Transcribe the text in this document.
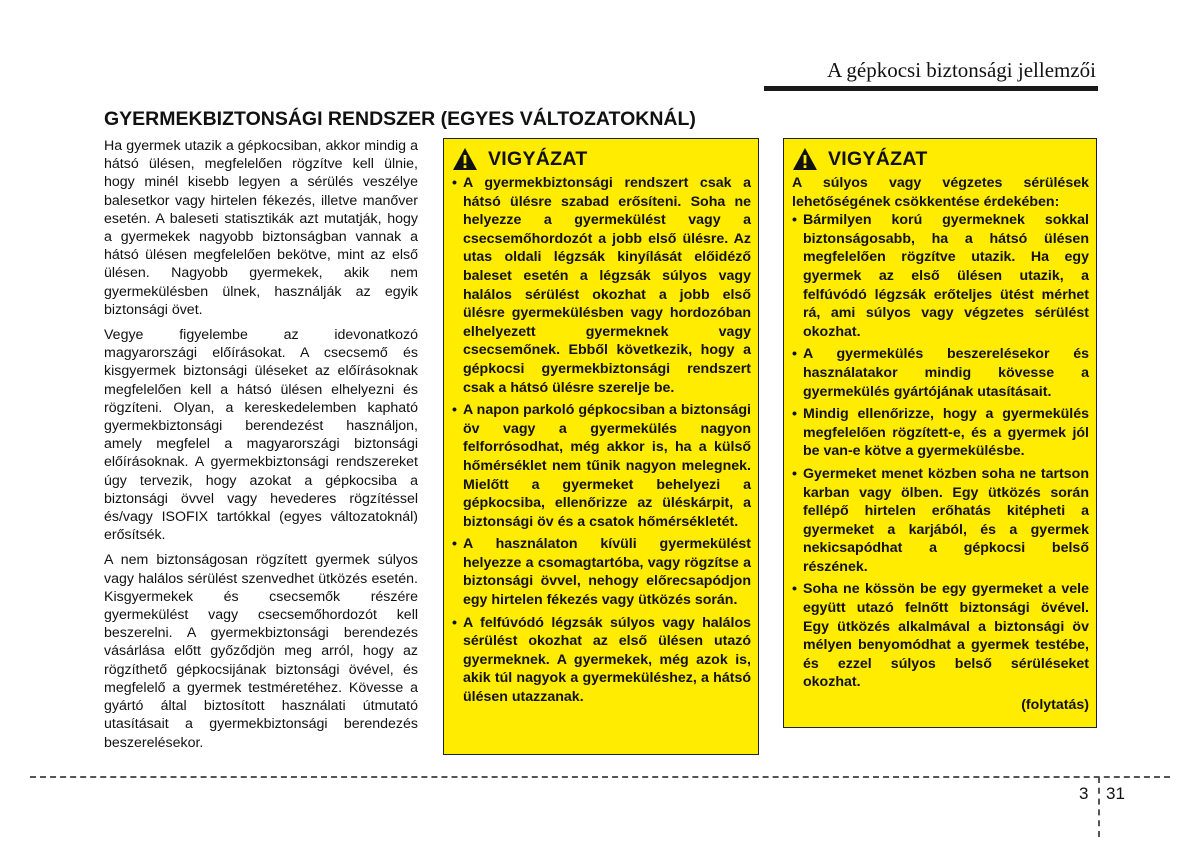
A gépkocsi biztonsági jellemzői
GYERMEKBIZTONSÁGI RENDSZER (EGYES VÁLTOZATOKNÁL)

Ha gyermek utazik a gépkocsiban, akkor mindig a hátsó ülésen, megfelelően rögzítve kell ülnie, hogy minél kisebb legyen a sérülés veszélye balesetkor vagy hirtelen fékezés, illetve manőver esetén. A baleseti statisztikák azt mutatják, hogy a gyermekek nagyobb biztonságban vannak a hátsó ülésen megfelelően bekötve, mint az első ülésen. Nagyobb gyermekek, akik nem gyermekülésben ülnek, használják az egyik biztonsági övet.

Vegye figyelembe az idevonatkozó magyarországi előírásokat. A csecsemő és kisgyermek biztonsági üléseket az előírásoknak megfelelően kell a hátsó ülésen elhelyezni és rögzíteni. Olyan, a kereskedelemben kapható gyermekbiztonsági berendezést használjon, amely megfelel a magyarországi biztonsági előírásoknak. A gyermekbiztonsági rendszereket úgy tervezik, hogy azokat a gépkocsiba a biztonsági övvel vagy hevederes rögzítéssel és/vagy ISOFIX tartókkal (egyes változatoknál) erősítsék.

A nem biztonságosan rögzített gyermek súlyos vagy halálos sérülést szenvedhet ütközés esetén. Kisgyermekek és csecsemők részére gyermekülést vagy csecsemőhordozót kell beszerelni. A gyermekbiztonsági berendezés vásárlása előtt győződjön meg arról, hogy az rögzíthető gépkocsijának biztonsági övével, és megfelelő a gyermek testméretéhez. Kövesse a gyártó által biztosított használati útmutató utasításait a gyermekbiztonsági berendezés beszerelésekor.

VIGYÁZAT
• A gyermekbiztonsági rendszert csak a hátsó ülésre szabad erősíteni. Soha ne helyezze a gyermekülést vagy a csecsemőhordozót a jobb első ülésre. Az utas oldali légzsák kinyílását előidéző baleset esetén a légzsák súlyos vagy halálos sérülést okozhat a jobb első ülésre gyermekülésben vagy hordozóban elhelyezett gyermeknek vagy csecsemőnek. Ebből következik, hogy a gépkocsi gyermekbiztonsági rendszert csak a hátsó ülésre szerelje be.
• A napon parkoló gépkocsiban a biztonsági öv vagy a gyermekülés nagyon felforrósodhat, még akkor is, ha a külső hőmérséklet nem tűnik nagyon melegnek. Mielőtt a gyermeket behelyezi a gépkocsiba, ellenőrizze az üléskárpit, a biztonsági öv és a csatok hőmérsékletét.
• A használaton kívüli gyermekülést helyezze a csomagtartóba, vagy rögzítse a biztonsági övvel, nehogy előrecsapódjon egy hirtelen fékezés vagy ütközés során.
• A felfúvódó légzsák súlyos vagy halálos sérülést okozhat az első ülésen utazó gyermeknek. A gyermekek, még azok is, akik túl nagyok a gyermeküléshez, a hátsó ülésen utazzanak.
VIGYÁZAT
A súlyos vagy végzetes sérülések lehetőségének csökkentése érdekében:
• Bármilyen korú gyermeknek sokkal biztonságosabb, ha a hátsó ülésen megfelelően rögzítve utazik. Ha egy gyermek az első ülésen utazik, a felfúvódó légzsák erőteljes ütést mérhet rá, ami súlyos vagy végzetes sérülést okozhat.
• A gyermekülés beszerelésekor és használatakor mindig kövesse a gyermekülés gyártójának utasításait.
• Mindig ellenőrizze, hogy a gyermekülés megfelelően rögzített-e, és a gyermek jól be van-e kötve a gyermekülésbe.
• Gyermeket menet közben soha ne tartson karban vagy ölben. Egy ütközés során fellépő hirtelen erőhatás kitépheti a gyermeket a karjából, és a gyermek nekicsapódhat a gépkocsi belső részének.
• Soha ne kössön be egy gyermeket a vele együtt utazó felnőtt biztonsági övével. Egy ütközés alkalmával a biztonsági öv mélyen benyomódhat a gyermek testébe, és ezzel súlyos belső sérüléseket okozhat.
(folytatás)
3 31
